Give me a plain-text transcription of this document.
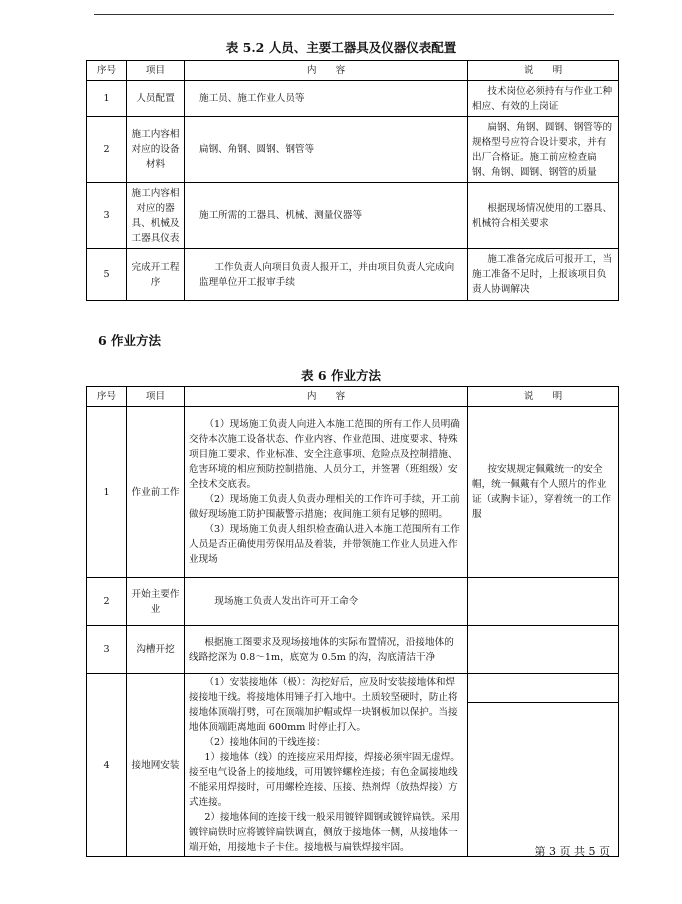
表 5.2 人员、主要工器具及仪器仪表配置
序号	项目	内　　容	说　　明
1	人员配置	施工员、施工作业人员等	技术岗位必须持有与作业工种相应、有效的上岗证
2	施工内容相对应的设备材料	扁钢、角钢、圆钢、钢管等	扁钢、角钢、圆钢、钢管等的规格型号应符合设计要求，并有出厂合格证。施工前应检查扁钢、角钢、圆钢、钢管的质量
3	施工内容相对应的器具、机械及工器具仪表	施工所需的工器具、机械、测量仪器等	根据现场情况使用的工器具、机械符合相关要求
5	完成开工程序	工作负责人向项目负责人报开工，并由项目负责人完成向监理单位开工报审手续	施工准备完成后可报开工，当施工准备不足时，上报该项目负责人协调解决
6 作业方法
表 6 作业方法
序号	项目	内　　容	说　　明
1	作业前工作	（1）现场施工负责人向进入本施工范围的所有工作人员明确交待本次施工设备状态、作业内容、作业范围、进度要求、特殊项目施工要求、作业标准、安全注意事项、危险点及控制措施、危害环境的相应预防控制措施、人员分工，并签署（班组级）安全技术交底表。

（2）现场施工负责人负责办理相关的工作许可手续，开工前做好现场施工防护围蔽警示措施；夜间施工须有足够的照明。

（3）现场施工负责人组织检查确认进入本施工范围所有工作人员是否正确使用劳保用品及着装，并带领施工作业人员进入作业现场	按安规规定佩戴统一的安全帽，统一佩戴有个人照片的作业证（或胸卡证），穿着统一的工作服
2	开始主要作业	现场施工负责人发出许可开工命令	

3	沟槽开挖	根据施工图要求及现场接地体的实际布置情况，沿接地体的线路挖深为 0.8～1m，底宽为 0.5m 的沟，沟底清洁干净	

4	接地网安装	（1）安装接地体（极）：沟挖好后，应及时安装接地体和焊接接地干线。将接地体用锤子打入地中。土质较坚硬时，防止将接地体顶端打劈，可在顶端加护帽或焊一块钢板加以保护。当接地体顶端距离地面 600mm 时停止打入。

（2）接地体间的干线连接：

1）接地体（线）的连接应采用焊接，焊接必须牢固无虚焊。接至电气设备上的接地线，可用镀锌螺栓连接；有色金属接地线不能采用焊接时，可用螺栓连接、压接、热剂焊（放热焊接）方式连接。

2）接地体间的连接干线一般采用镀锌圆钢或镀锌扁铁。采用镀锌扁铁时应将镀锌扁铁调直，侧放于接地体一侧，从接地体一端开始，用接地卡子卡住。接地极与扁铁焊接牢固。	

		第 3 页 共 5 页
